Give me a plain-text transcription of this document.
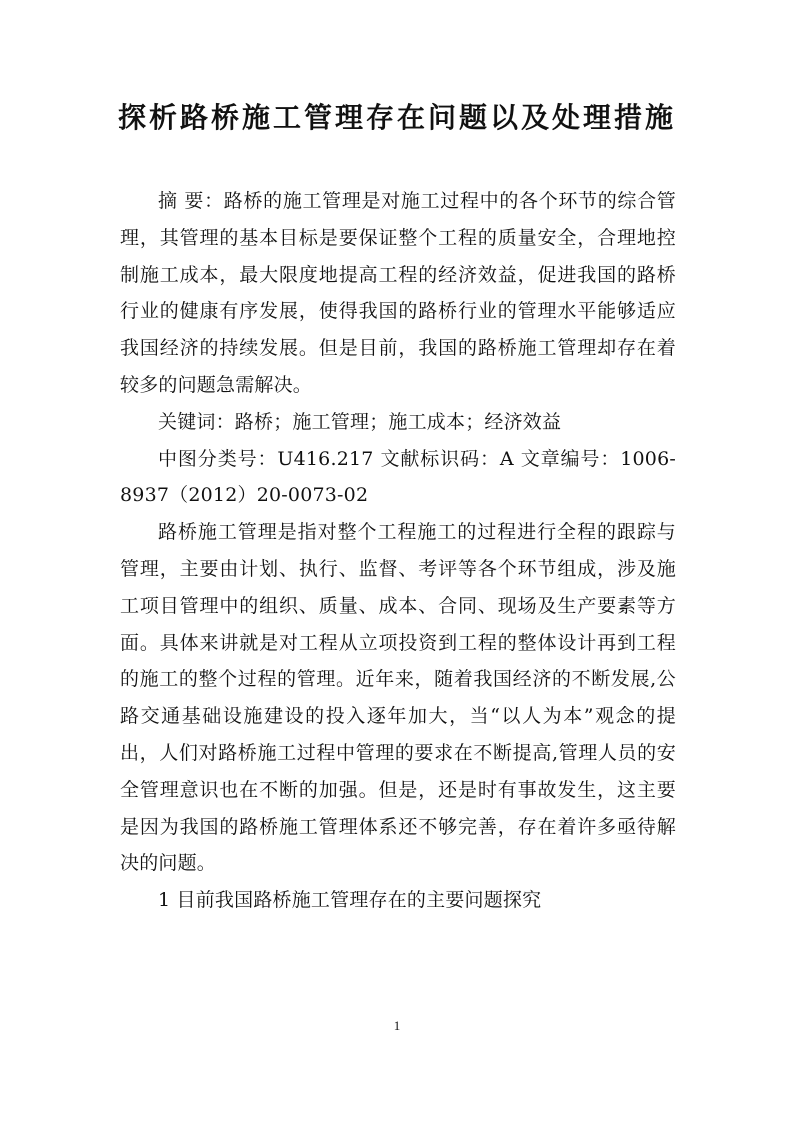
探析路桥施工管理存在问题以及处理措施

摘 要：路桥的施工管理是对施工过程中的各个环节的综合管理，其管理的基本目标是要保证整个工程的质量安全，合理地控制施工成本，最大限度地提高工程的经济效益，促进我国的路桥行业的健康有序发展，使得我国的路桥行业的管理水平能够适应我国经济的持续发展。但是目前，我国的路桥施工管理却存在着较多的问题急需解决。

关键词：路桥；施工管理；施工成本；经济效益

中图分类号：U416.217 文献标识码：A 文章编号：1006-8937（2012）20-0073-02

路桥施工管理是指对整个工程施工的过程进行全程的跟踪与管理，主要由计划、执行、监督、考评等各个环节组成，涉及施工项目管理中的组织、质量、成本、合同、现场及生产要素等方面。具体来讲就是对工程从立项投资到工程的整体设计再到工程的施工的整个过程的管理。近年来，随着我国经济的不断发展,公路交通基础设施建设的投入逐年加大，当“以人为本”观念的提出，人们对路桥施工过程中管理的要求在不断提高,管理人员的安全管理意识也在不断的加强。但是，还是时有事故发生，这主要是因为我国的路桥施工管理体系还不够完善，存在着许多亟待解决的问题。

1 目前我国路桥施工管理存在的主要问题探究

1
